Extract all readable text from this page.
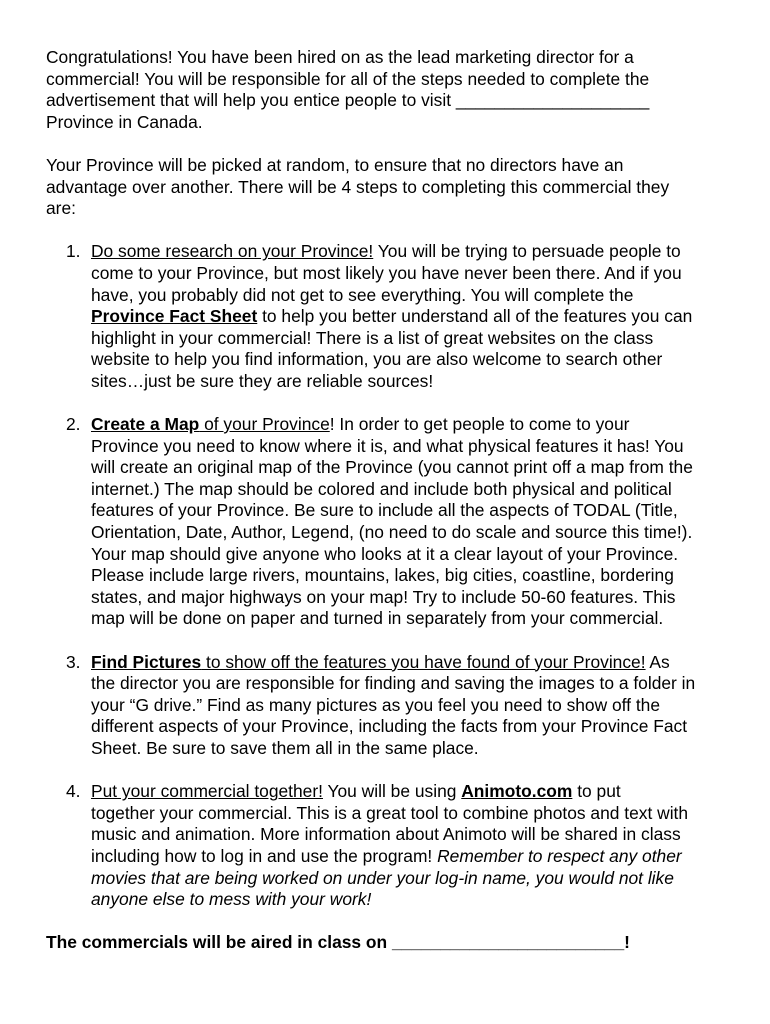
Congratulations! You have been hired on as the lead marketing director for a
commercial! You will be responsible for all of the steps needed to complete the
advertisement that will help you entice people to visit ____________________
Province in Canada.

Your Province will be picked at random, to ensure that no directors have an
advantage over another. There will be 4 steps to completing this commercial they
are:

1. Do some research on your Province! You will be trying to persuade people to
come to your Province, but most likely you have never been there. And if you
have, you probably did not get to see everything. You will complete the
Province Fact Sheet to help you better understand all of the features you can
highlight in your commercial! There is a list of great websites on the class
website to help you find information, you are also welcome to search other
sites…just be sure they are reliable sources!
2. Create a Map of your Province! In order to get people to come to your
Province you need to know where it is, and what physical features it has! You
will create an original map of the Province (you cannot print off a map from the
internet.) The map should be colored and include both physical and political
features of your Province. Be sure to include all the aspects of TODAL (Title,
Orientation, Date, Author, Legend, (no need to do scale and source this time!).
Your map should give anyone who looks at it a clear layout of your Province.
Please include large rivers, mountains, lakes, big cities, coastline, bordering
states, and major highways on your map! Try to include 50-60 features. This
map will be done on paper and turned in separately from your commercial.
3. Find Pictures to show off the features you have found of your Province! As
the director you are responsible for finding and saving the images to a folder in
your “G drive.” Find as many pictures as you feel you need to show off the
different aspects of your Province, including the facts from your Province Fact
Sheet. Be sure to save them all in the same place.
4. Put your commercial together! You will be using Animoto.com to put
together your commercial. This is a great tool to combine photos and text with
music and animation. More information about Animoto will be shared in class
including how to log in and use the program! Remember to respect any other
movies that are being worked on under your log-in name, you would not like
anyone else to mess with your work!

The commercials will be aired in class on ________________________!
